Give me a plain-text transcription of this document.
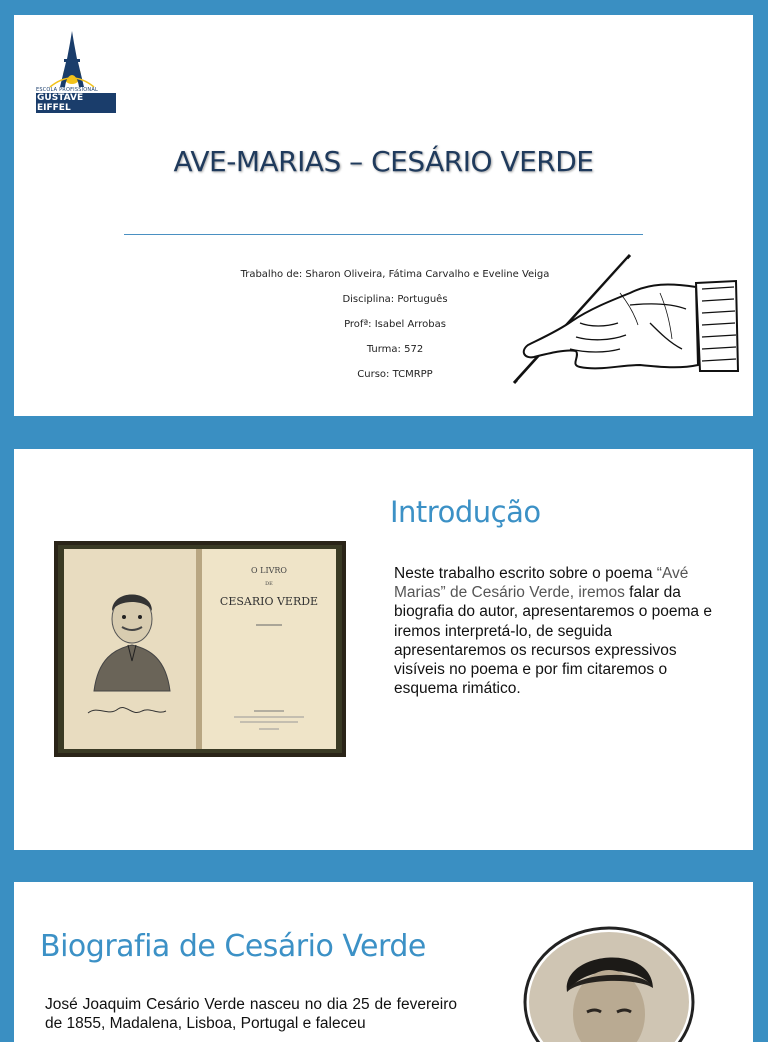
ESCOLA PROFISSIONAL
GUSTAVE EIFFEL
AVE-MARIAS – CESÁRIO VERDE
Trabalho de: Sharon Oliveira, Fátima Carvalho e Eveline Veiga
Disciplina: Português
Profª: Isabel Arrobas
Turma: 572
Curso: TCMRPP
Introdução
O LIVRO
DE
CESARIO VERDE
Neste trabalho escrito sobre o poema “Avé Marias” de Cesário Verde, iremos falar da biografia do autor, apresentaremos o poema e iremos interpretá-lo, de seguida apresentaremos os recursos expressivos visíveis no poema e por fim citaremos o esquema rimático.
Biografia de Cesário Verde
José Joaquim Cesário Verde nasceu no dia 25 de fevereiro de 1855, Madalena, Lisboa, Portugal e faleceu
